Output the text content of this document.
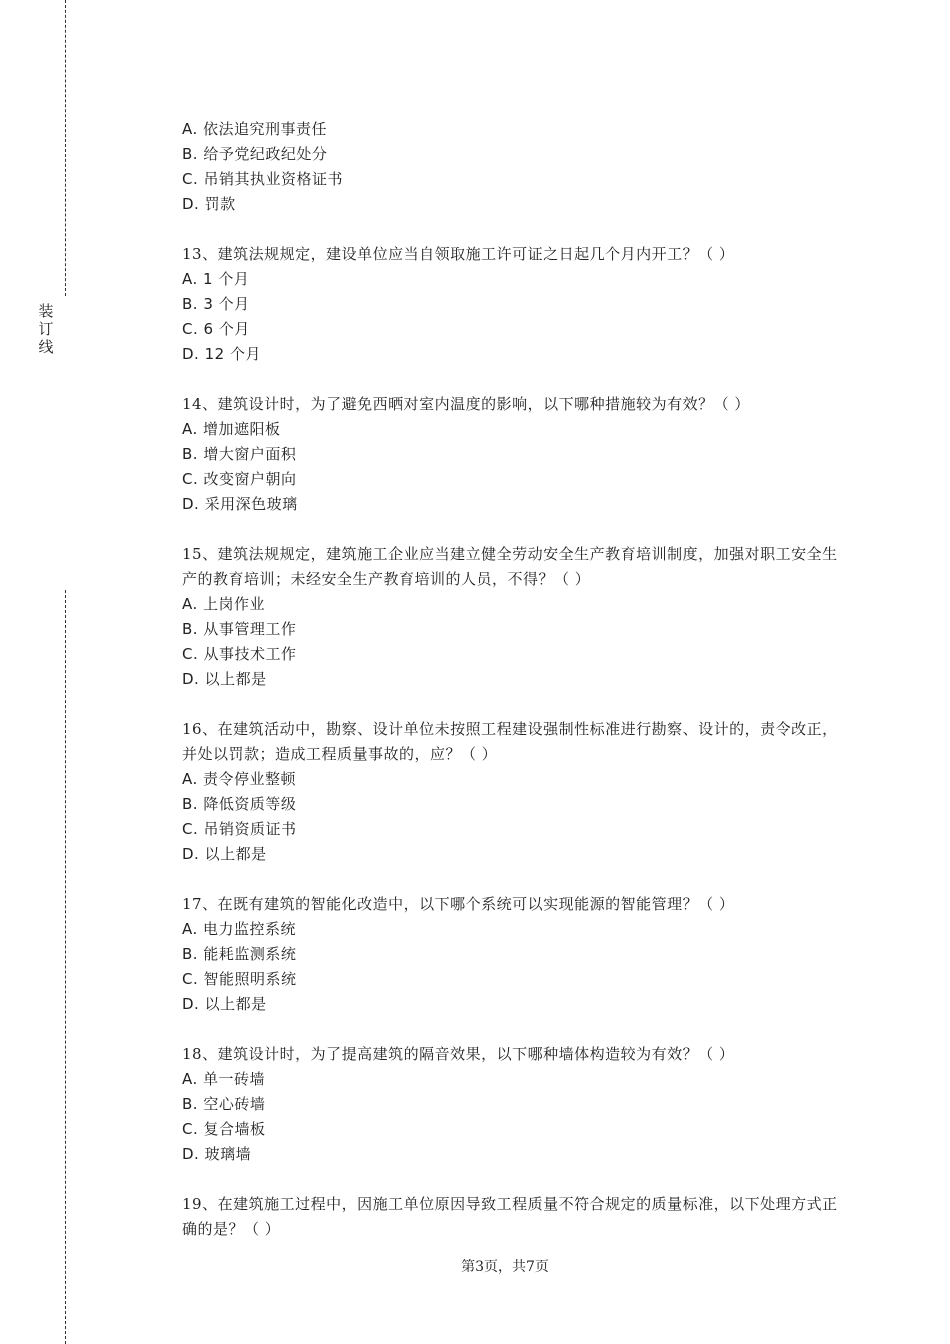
装
订
线

A. 依法追究刑事责任

B. 给予党纪政纪处分

C. 吊销其执业资格证书

D. 罚款

13、建筑法规规定，建设单位应当自领取施工许可证之日起几个月内开工？（ ）

A. 1 个月

B. 3 个月

C. 6 个月

D. 12 个月

14、建筑设计时，为了避免西晒对室内温度的影响，以下哪种措施较为有效？（ ）

A. 增加遮阳板

B. 增大窗户面积

C. 改变窗户朝向

D. 采用深色玻璃

15、建筑法规规定，建筑施工企业应当建立健全劳动安全生产教育培训制度，加强对职工安全生产的教育培训；未经安全生产教育培训的人员，不得？（ ）

A. 上岗作业

B. 从事管理工作

C. 从事技术工作

D. 以上都是

16、在建筑活动中，勘察、设计单位未按照工程建设强制性标准进行勘察、设计的，责令改正，并处以罚款；造成工程质量事故的，应？（ ）

A. 责令停业整顿

B. 降低资质等级

C. 吊销资质证书

D. 以上都是

17、在既有建筑的智能化改造中，以下哪个系统可以实现能源的智能管理？（ ）

A. 电力监控系统

B. 能耗监测系统

C. 智能照明系统

D. 以上都是

18、建筑设计时，为了提高建筑的隔音效果，以下哪种墙体构造较为有效？（ ）

A. 单一砖墙

B. 空心砖墙

C. 复合墙板

D. 玻璃墙

19、在建筑施工过程中，因施工单位原因导致工程质量不符合规定的质量标准，以下处理方式正确的是？（ ）

第3页，共7页
